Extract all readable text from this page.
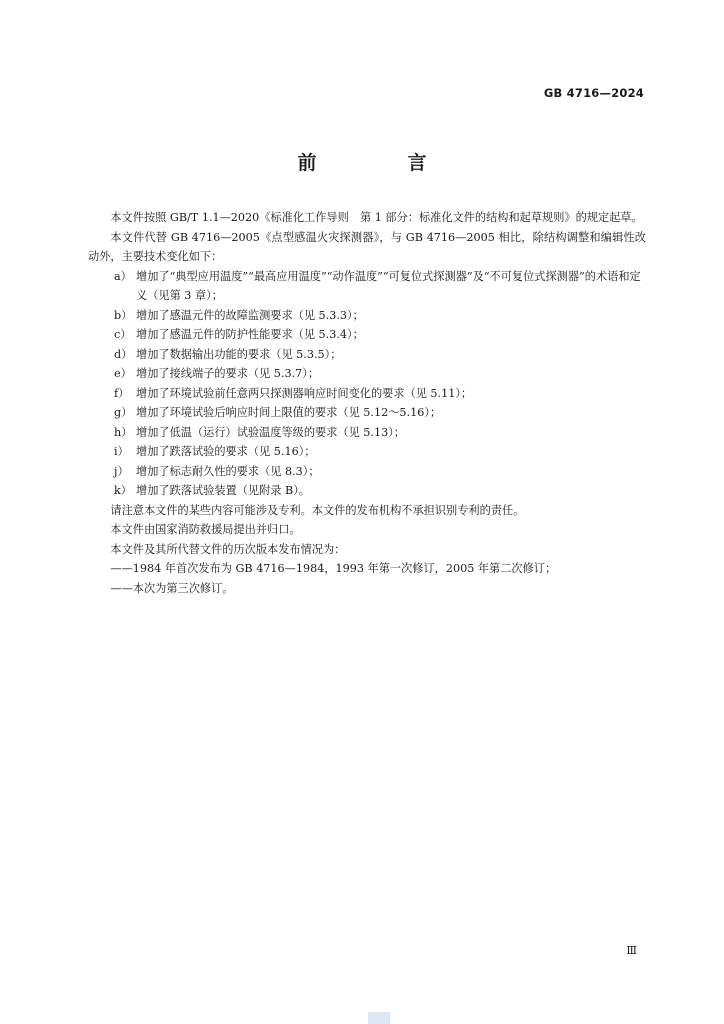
GB 4716—2024
前　言

本文件按照 GB/T 1.1—2020《标准化工作导则　第 1 部分：标准化文件的结构和起草规则》的规定起草。

本文件代替 GB 4716—2005《点型感温火灾探测器》，与 GB 4716—2005 相比，除结构调整和编辑性改动外，主要技术变化如下：

a） 增加了“典型应用温度”“最高应用温度”“动作温度”“可复位式探测器”及“不可复位式探测器”的术语和定义（见第 3 章）；
b） 增加了感温元件的故障监测要求（见 5.3.3）；
c） 增加了感温元件的防护性能要求（见 5.3.4）；
d） 增加了数据输出功能的要求（见 5.3.5）；
e） 增加了接线端子的要求（见 5.3.7）；
f） 增加了环境试验前任意两只探测器响应时间变化的要求（见 5.11）；
g） 增加了环境试验后响应时间上限值的要求（见 5.12～5.16）；
h） 增加了低温（运行）试验温度等级的要求（见 5.13）；
i） 增加了跌落试验的要求（见 5.16）；
j） 增加了标志耐久性的要求（见 8.3）；
k） 增加了跌落试验装置（见附录 B）。

请注意本文件的某些内容可能涉及专利。本文件的发布机构不承担识别专利的责任。

本文件由国家消防救援局提出并归口。

本文件及其所代替文件的历次版本发布情况为：

——1984 年首次发布为 GB 4716—1984，1993 年第一次修订，2005 年第二次修订；

——本次为第三次修订。

Ⅲ
